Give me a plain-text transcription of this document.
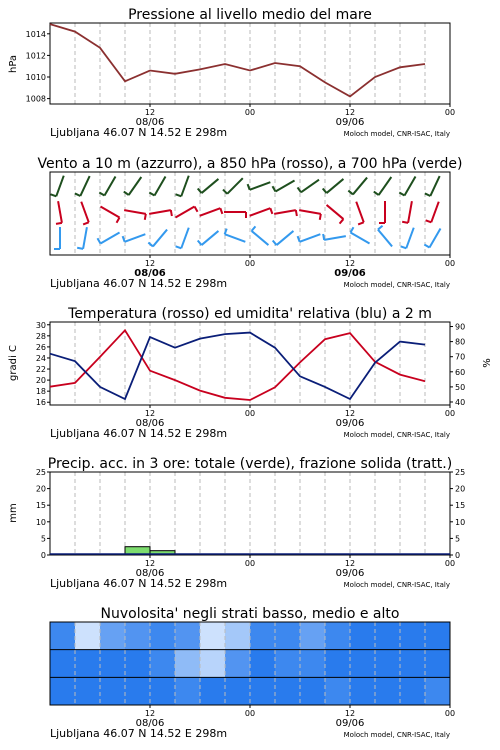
Pressione al livello medio del mare
1008
1010
1012
1014
hPa
12	00	12	00
08/06	09/06
Ljubljana 46.07 N 14.52 E 298m	Moloch model, CNR-ISAC, Italy
Vento a 10 m (azzurro), a 850 hPa (rosso), a 700 hPa (verde)
12	00	12	00
08/06	09/06
Ljubljana 46.07 N 14.52 E 298m	Moloch model, CNR-ISAC, Italy
Temperatura (rosso) ed umidita' relativa (blu) a 2 m
16
18
20
22
24
26
28
30
40
50
60
70
80
90
gradi C	%
12	00	12	00
08/06	09/06
Ljubljana 46.07 N 14.52 E 298m	Moloch model, CNR-ISAC, Italy
Precip. acc. in 3 ore: totale (verde), frazione solida (tratt.)
0	0
5	5
10	10
15	15
20	20
25	25
mm
12	00	12	00
08/06	09/06
Ljubljana 46.07 N 14.52 E 298m	Moloch model, CNR-ISAC, Italy
Nuvolosita' negli strati basso, medio e alto
12	00	12	00
08/06	09/06
Ljubljana 46.07 N 14.52 E 298m	Moloch model, CNR-ISAC, Italy
